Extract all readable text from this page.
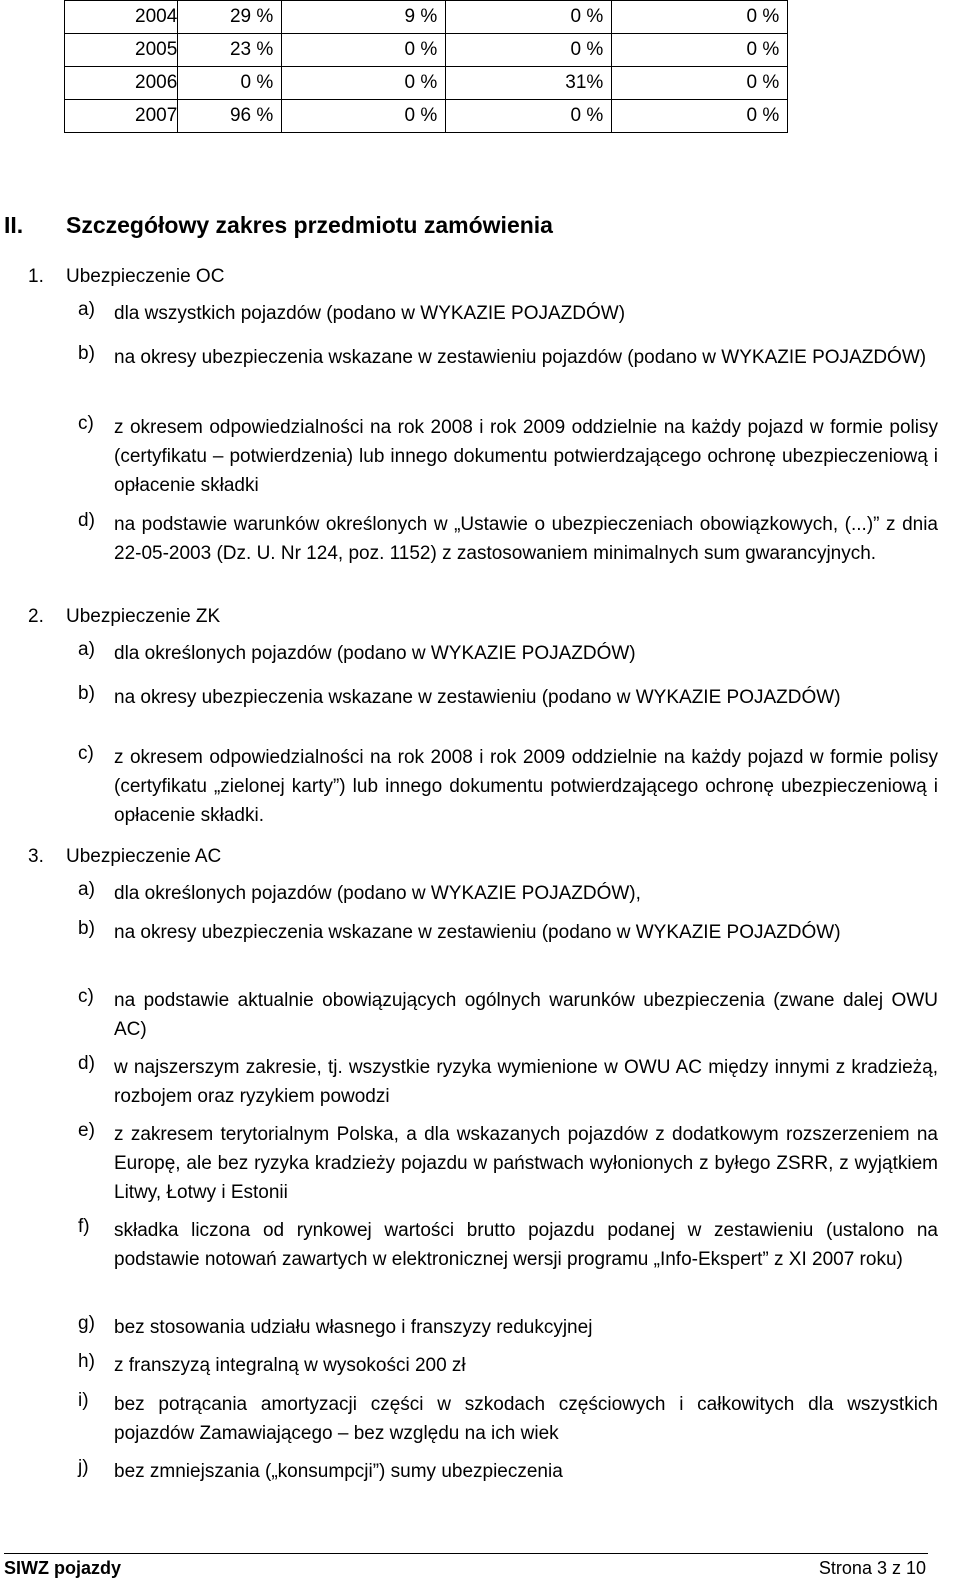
2004	29 %	9 %	0 %	0 %
2005	23 %	0 %	0 %	0 %
2006	0 %	0 %	31%	0 %
2007	96 %	0 %	0 %	0 %
II. Szczegółowy zakres przedmiotu zamówienia
1. Ubezpieczenie OC
a) dla wszystkich pojazdów (podano w WYKAZIE POJAZDÓW)
b) na okresy ubezpieczenia wskazane w zestawieniu pojazdów (podano w WYKAZIE POJAZDÓW)
c) z okresem odpowiedzialności na rok 2008 i rok 2009 oddzielnie na każdy pojazd w formie polisy (certyfikatu – potwierdzenia) lub innego dokumentu potwierdzającego ochronę ubezpieczeniową i opłacenie składki
d) na podstawie warunków określonych w „Ustawie o ubezpieczeniach obowiązkowych, (...)” z dnia 22-05-2003 (Dz. U. Nr 124, poz. 1152) z zastosowaniem minimalnych sum gwarancyjnych.
2. Ubezpieczenie ZK
a) dla określonych pojazdów (podano w WYKAZIE POJAZDÓW)
b) na okresy ubezpieczenia wskazane w zestawieniu (podano w WYKAZIE POJAZDÓW)
c) z okresem odpowiedzialności na rok 2008 i rok 2009 oddzielnie na każdy pojazd w formie polisy (certyfikatu „zielonej karty”) lub innego dokumentu potwierdzającego ochronę ubezpieczeniową i opłacenie składki.
3. Ubezpieczenie AC
a) dla określonych pojazdów (podano w WYKAZIE POJAZDÓW),
b) na okresy ubezpieczenia wskazane w zestawieniu (podano w WYKAZIE POJAZDÓW)
c) na podstawie aktualnie obowiązujących ogólnych warunków ubezpieczenia (zwane dalej OWU AC)
d) w najszerszym zakresie, tj. wszystkie ryzyka wymienione w OWU AC między innymi z kradzieżą, rozbojem oraz ryzykiem powodzi
e) z zakresem terytorialnym Polska, a dla wskazanych pojazdów z dodatkowym rozszerzeniem na Europę, ale bez ryzyka kradzieży pojazdu w państwach wyłonionych z byłego ZSRR, z wyjątkiem Litwy, Łotwy i Estonii
f) składka liczona od rynkowej wartości brutto pojazdu podanej w zestawieniu (ustalono na podstawie notowań zawartych w elektronicznej wersji programu „Info-Ekspert” z XI 2007 roku)
g) bez stosowania udziału własnego i franszyzy redukcyjnej
h) z franszyzą integralną w wysokości 200 zł
i) bez potrącania amortyzacji części w szkodach częściowych i całkowitych dla wszystkich pojazdów Zamawiającego – bez względu na ich wiek
j) bez zmniejszania („konsumpcji”) sumy ubezpieczenia
SIWZ pojazdy	Strona 3 z 10
